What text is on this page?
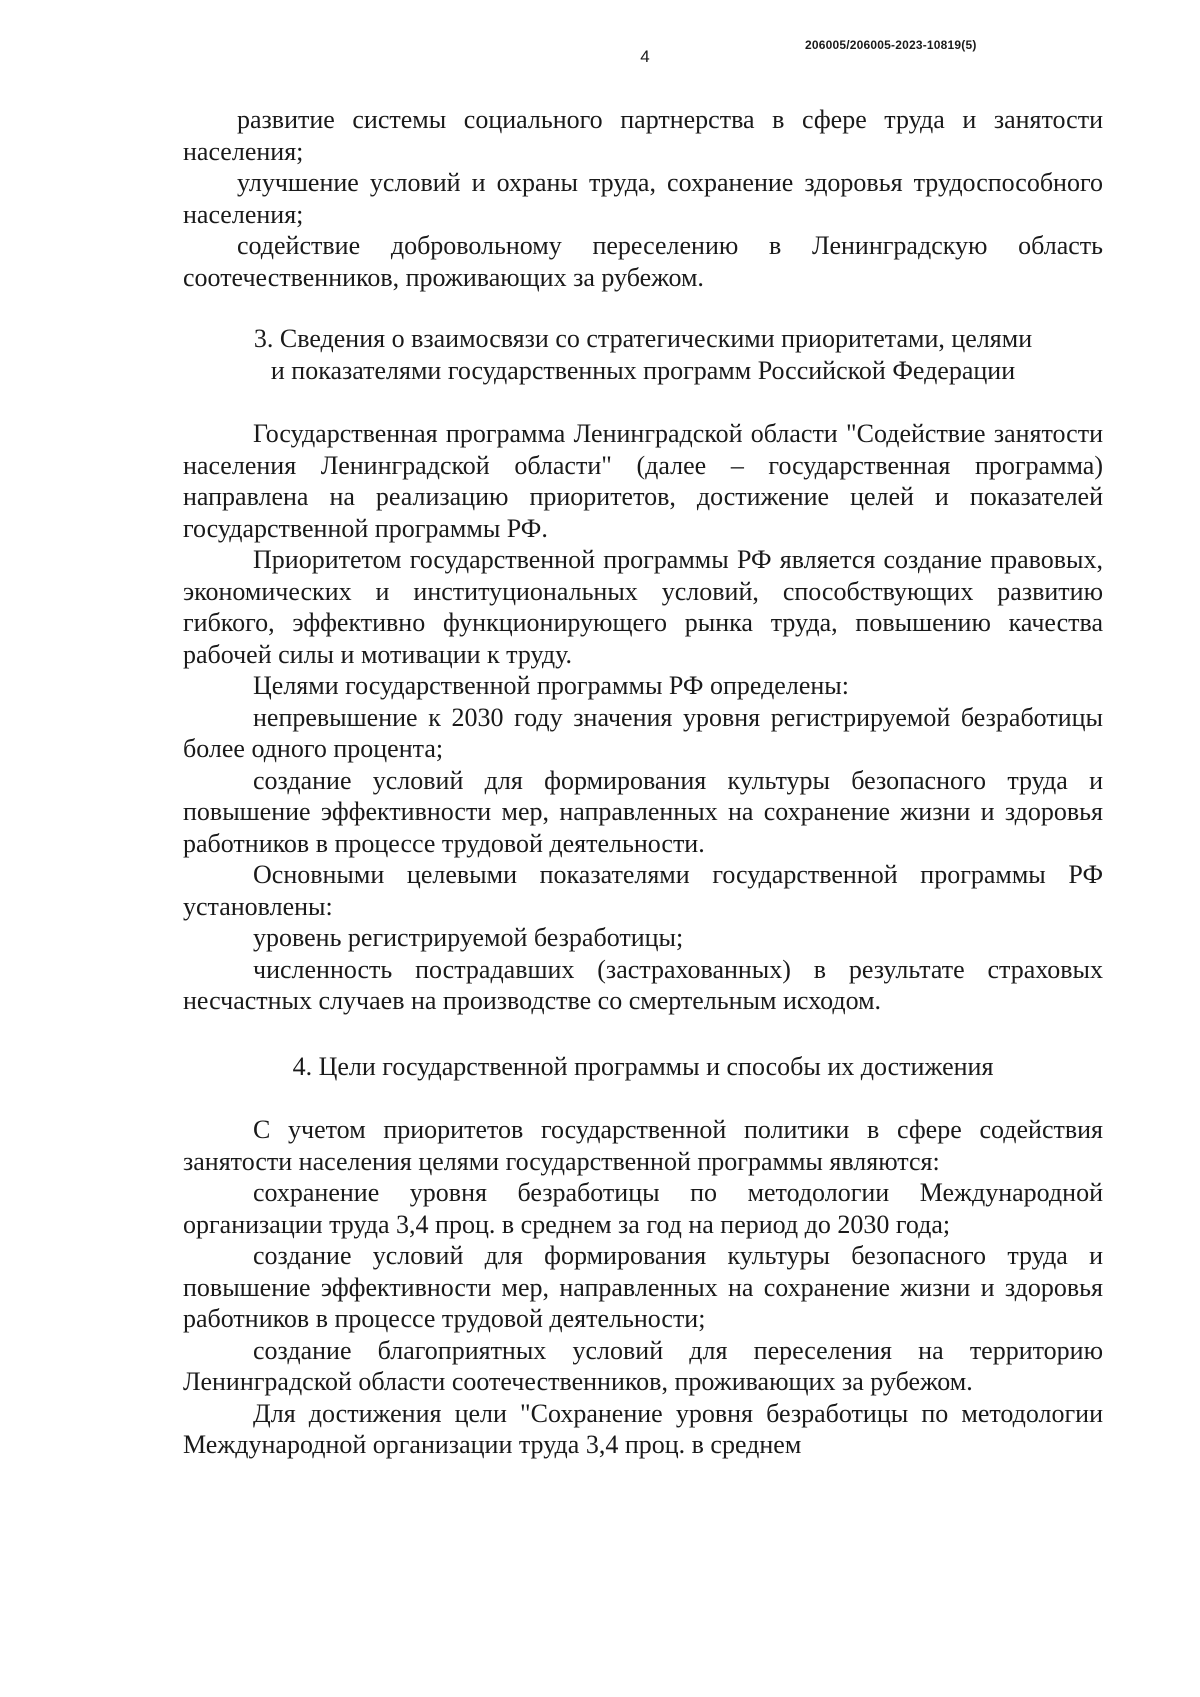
4
206005/206005-2023-10819(5)

развитие системы социального партнерства в сфере труда и занятости населения;

улучшение условий и охраны труда, сохранение здоровья трудоспособного населения;

содействие добровольному переселению в Ленинградскую область соотечественников, проживающих за рубежом.

3. Сведения о взаимосвязи со стратегическими приоритетами, целями

и показателями государственных программ Российской Федерации

Государственная программа Ленинградской области "Содействие занятости населения Ленинградской области" (далее – государственная программа) направлена на реализацию приоритетов, достижение целей и показателей государственной программы РФ.

Приоритетом государственной программы РФ является создание правовых, экономических и институциональных условий, способствующих развитию гибкого, эффективно функционирующего рынка труда, повышению качества рабочей силы и мотивации к труду.

Целями государственной программы РФ определены:

непревышение к 2030 году значения уровня регистрируемой безработицы более одного процента;

создание условий для формирования культуры безопасного труда и повышение эффективности мер, направленных на сохранение жизни и здоровья работников в процессе трудовой деятельности.

Основными целевыми показателями государственной программы РФ установлены:

уровень регистрируемой безработицы;

численность пострадавших (застрахованных) в результате страховых несчастных случаев на производстве со смертельным исходом.

4. Цели государственной программы и способы их достижения

С учетом приоритетов государственной политики в сфере содействия занятости населения целями государственной программы являются:

сохранение уровня безработицы по методологии Международной организации труда 3,4 проц. в среднем за год на период до 2030 года;

создание условий для формирования культуры безопасного труда и повышение эффективности мер, направленных на сохранение жизни и здоровья работников в процессе трудовой деятельности;

создание благоприятных условий для переселения на территорию Ленинградской области соотечественников, проживающих за рубежом.

Для достижения цели "Сохранение уровня безработицы по методологии Международной организации труда 3,4 проц. в среднем
